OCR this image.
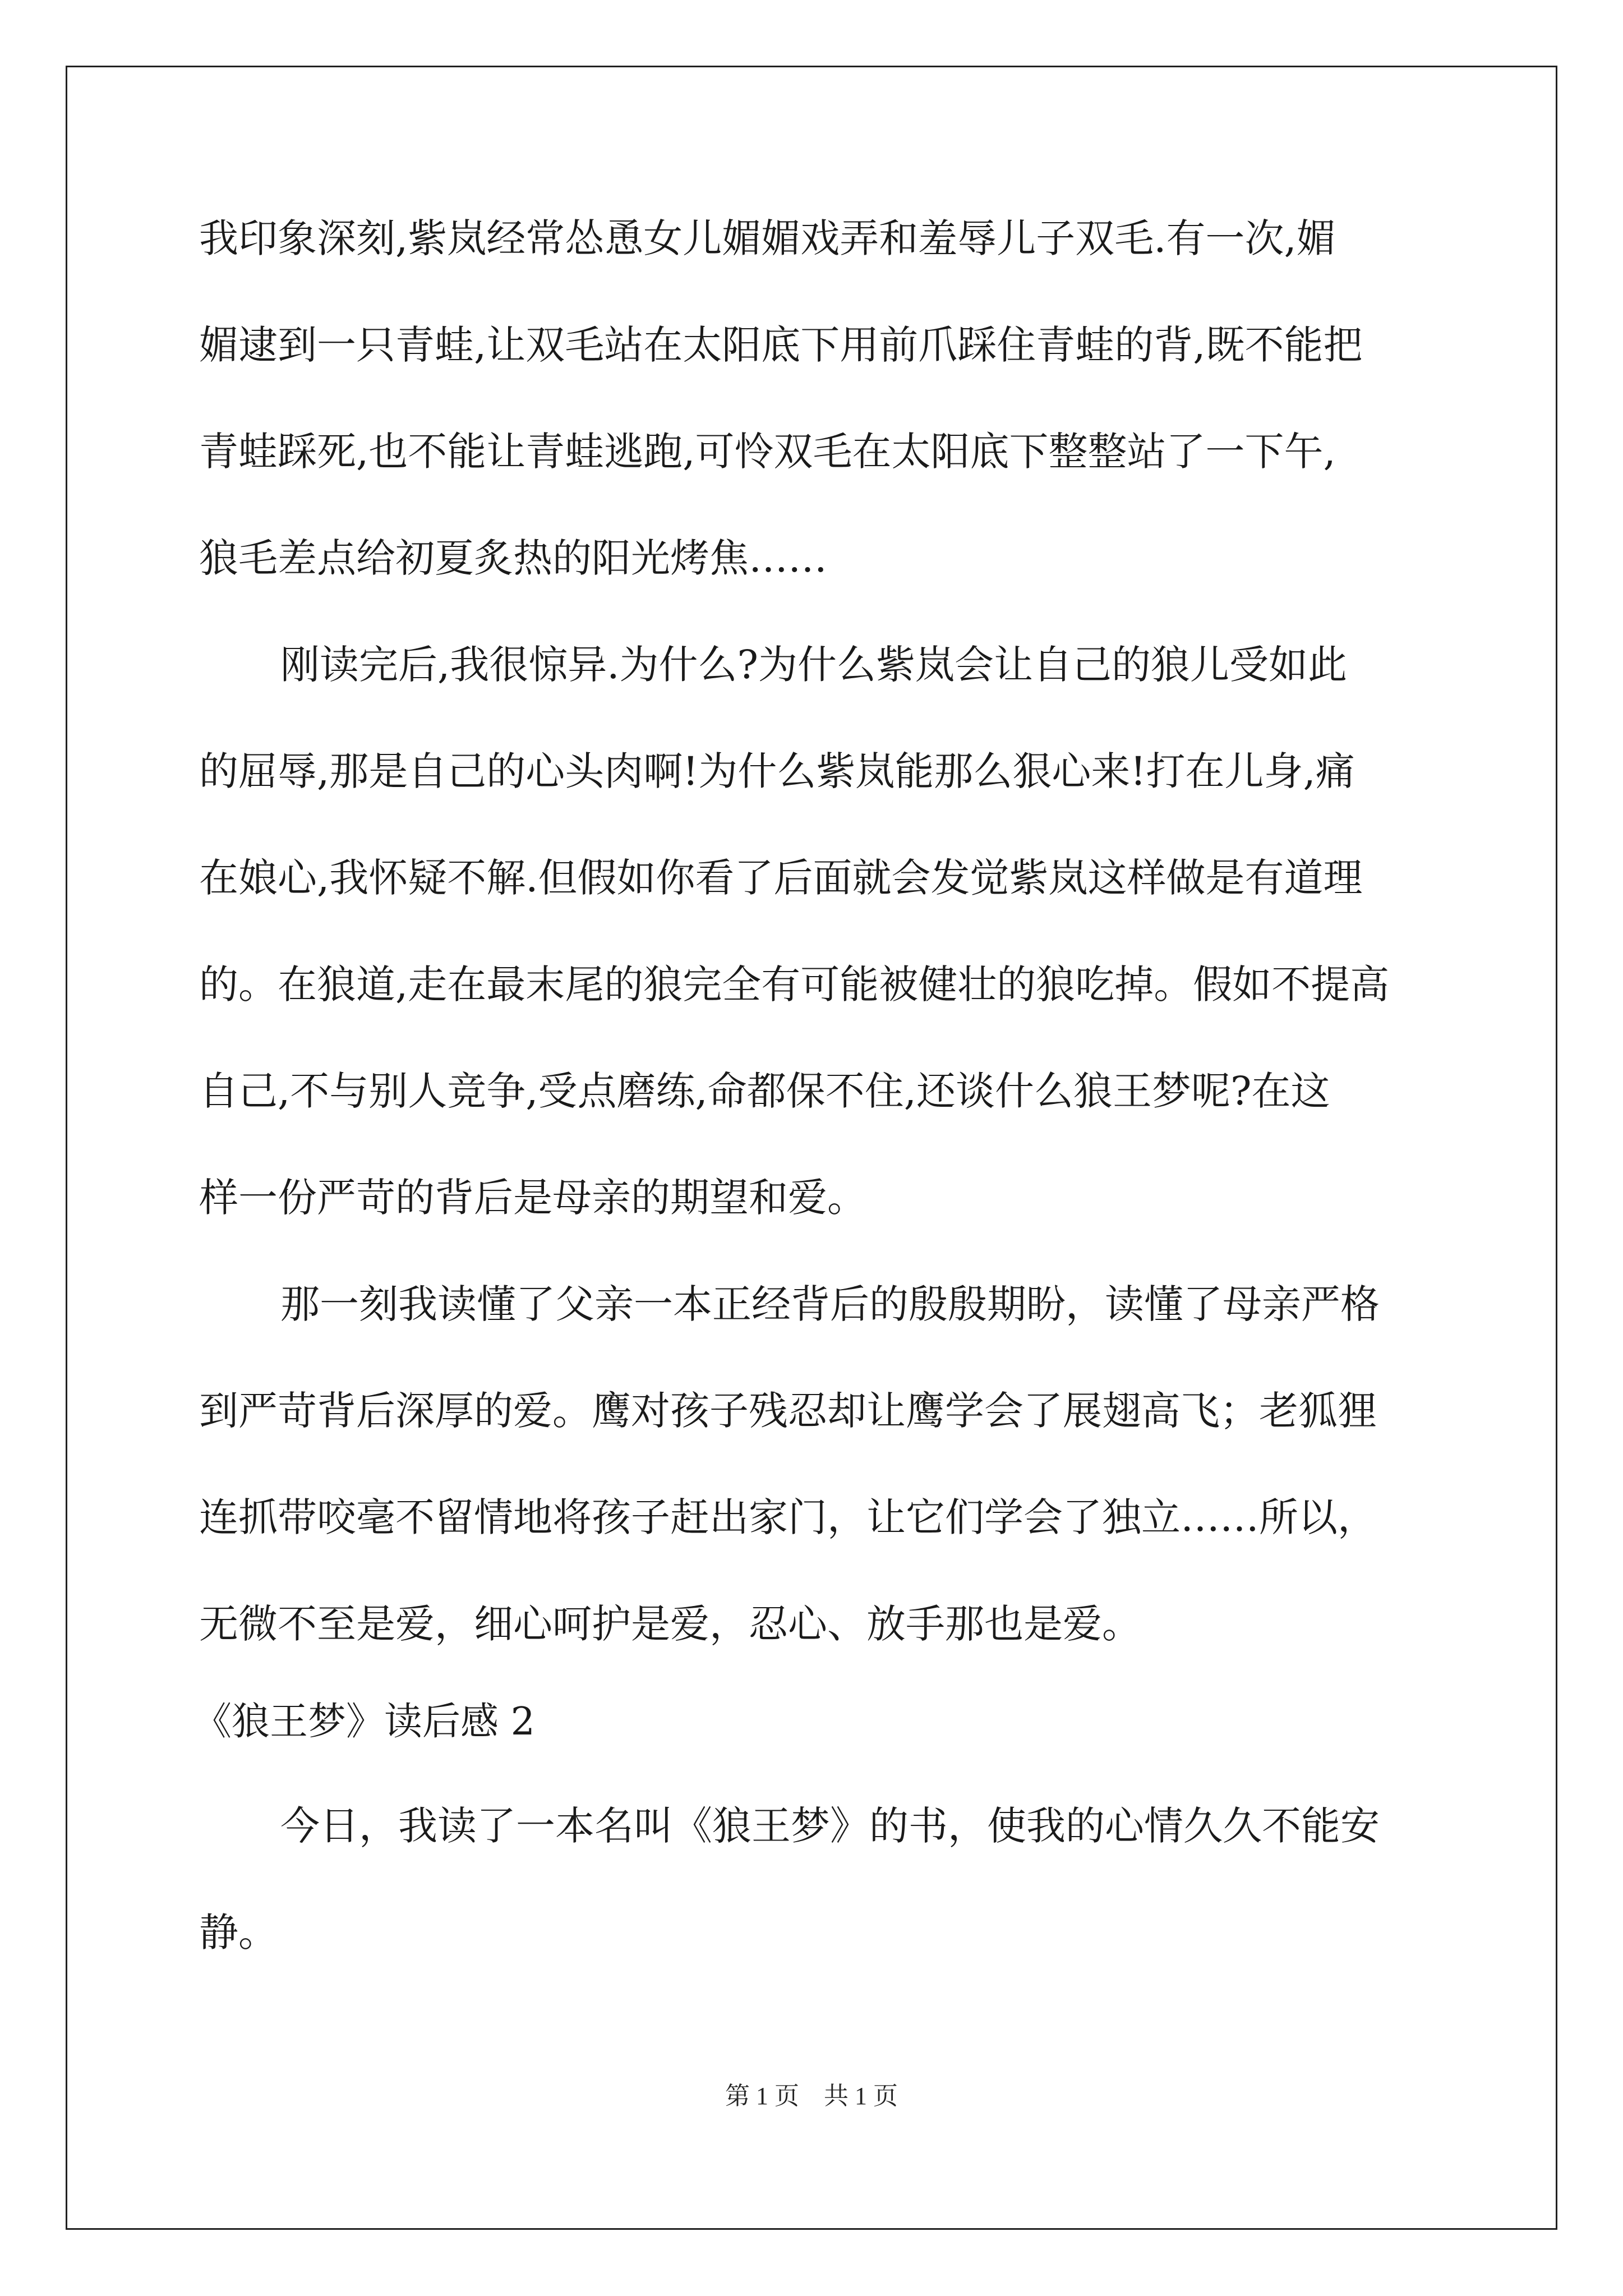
我印象深刻,紫岚经常怂恿女儿媚媚戏弄和羞辱儿子双毛.有一次,媚
媚逮到一只青蛙,让双毛站在太阳底下用前爪踩住青蛙的背,既不能把
青蛙踩死,也不能让青蛙逃跑,可怜双毛在太阳底下整整站了一下午,
狼毛差点给初夏炙热的阳光烤焦……
刚读完后,我很惊异.为什么?为什么紫岚会让自己的狼儿受如此
的屈辱,那是自己的心头肉啊!为什么紫岚能那么狠心来!打在儿身,痛
在娘心,我怀疑不解.但假如你看了后面就会发觉紫岚这样做是有道理
的。在狼道,走在最末尾的狼完全有可能被健壮的狼吃掉。假如不提高
自己,不与别人竞争,受点磨练,命都保不住,还谈什么狼王梦呢?在这
样一份严苛的背后是母亲的期望和爱。
那一刻我读懂了父亲一本正经背后的殷殷期盼，读懂了母亲严格
到严苛背后深厚的爱。鹰对孩子残忍却让鹰学会了展翅高飞；老狐狸
连抓带咬毫不留情地将孩子赶出家门，让它们学会了独立……所以，
无微不至是爱，细心呵护是爱，忍心、放手那也是爱。
《狼王梦》读后感 2
今日，我读了一本名叫《狼王梦》的书，使我的心情久久不能安
静。
第 1 页　共 1 页
